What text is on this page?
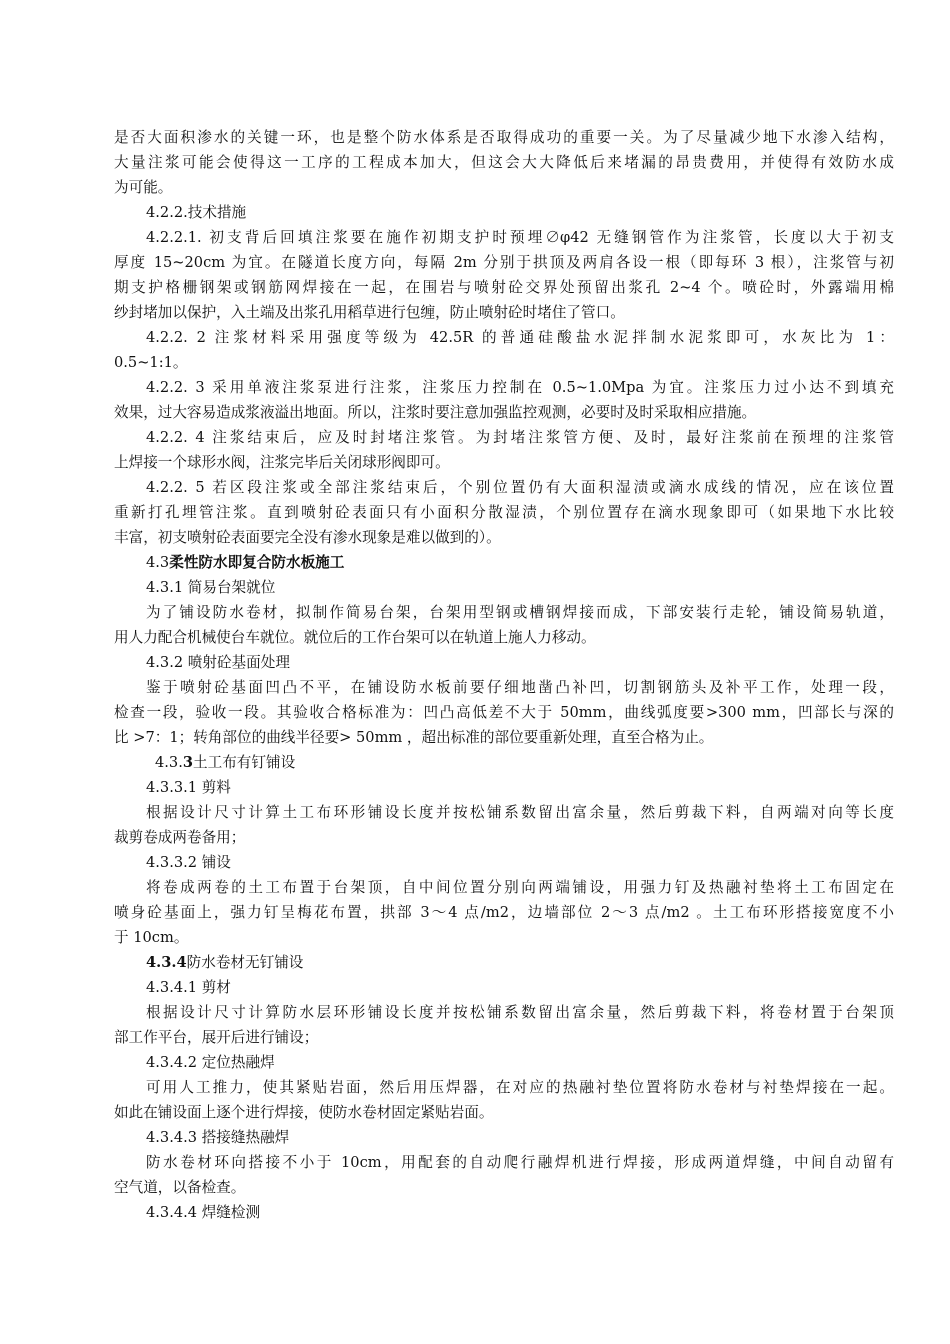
是否大面积渗水的关键一环，也是整个防水体系是否取得成功的重要一关。为了尽量减少地下水渗入结构，
大量注浆可能会使得这一工序的工程成本加大，但这会大大降低后来堵漏的昂贵费用，并使得有效防水成
为可能。
4.2.2.技术措施
4.2.2.1. 初支背后回填注浆要在施作初期支护时预埋∅φ42 无缝钢管作为注浆管，长度以大于初支
厚度 15~20cm 为宜。在隧道长度方向，每隔 2m 分别于拱顶及两肩各设一根（即每环 3 根），注浆管与初
期支护格栅钢架或钢筋网焊接在一起，在围岩与喷射砼交界处预留出浆孔 2~4 个。喷砼时，外露端用棉
纱封堵加以保护，入土端及出浆孔用稻草进行包缠，防止喷射砼时堵住了管口。
4.2.2. 2 注浆材料采用强度等级为 42.5R 的普通硅酸盐水泥拌制水泥浆即可，水灰比为 1：
0.5~1:1。
4.2.2. 3 采用单液注浆泵进行注浆，注浆压力控制在 0.5~1.0Mpa 为宜。注浆压力过小达不到填充
效果，过大容易造成浆液溢出地面。所以，注浆时要注意加强监控观测，必要时及时采取相应措施。
4.2.2. 4 注浆结束后，应及时封堵注浆管。为封堵注浆管方便、及时，最好注浆前在预埋的注浆管
上焊接一个球形水阀，注浆完毕后关闭球形阀即可。
4.2.2. 5 若区段注浆或全部注浆结束后，个别位置仍有大面积湿渍或滴水成线的情况，应在该位置
重新打孔埋管注浆。直到喷射砼表面只有小面积分散湿渍，个别位置存在滴水现象即可（如果地下水比较
丰富，初支喷射砼表面要完全没有渗水现象是难以做到的）。
4.3柔性防水即复合防水板施工
4.3.1 简易台架就位
为了铺设防水卷材，拟制作简易台架，台架用型钢或槽钢焊接而成，下部安装行走轮，铺设简易轨道，
用人力配合机械使台车就位。就位后的工作台架可以在轨道上施人力移动。
4.3.2 喷射砼基面处理
鉴于喷射砼基面凹凸不平，在铺设防水板前要仔细地凿凸补凹，切割钢筋头及补平工作，处理一段，
检查一段，验收一段。其验收合格标准为：凹凸高低差不大于 50mm，曲线弧度要>300 mm，凹部长与深的
比 >7：1；转角部位的曲线半径要> 50mm ，超出标准的部位要重新处理，直至合格为止。
4.3.3土工布有钉铺设
4.3.3.1 剪料
根据设计尺寸计算土工布环形铺设长度并按松铺系数留出富余量，然后剪裁下料，自两端对向等长度
裁剪卷成两卷备用；
4.3.3.2 铺设
将卷成两卷的土工布置于台架顶，自中间位置分别向两端铺设，用强力钉及热融衬垫将土工布固定在
喷身砼基面上，强力钉呈梅花布置，拱部 3～4 点/m2，边墙部位 2～3 点/m2 。土工布环形搭接宽度不小
于 10cm。
4.3.4防水卷材无钉铺设
4.3.4.1 剪材
根据设计尺寸计算防水层环形铺设长度并按松铺系数留出富余量，然后剪裁下料，将卷材置于台架顶
部工作平台，展开后进行铺设；
4.3.4.2 定位热融焊
可用人工推力，使其紧贴岩面，然后用压焊器，在对应的热融衬垫位置将防水卷材与衬垫焊接在一起。
如此在铺设面上逐个进行焊接，使防水卷材固定紧贴岩面。
4.3.4.3 搭接缝热融焊
防水卷材环向搭接不小于 10cm，用配套的自动爬行融焊机进行焊接，形成两道焊缝，中间自动留有
空气道，以备检查。
4.3.4.4 焊缝检测
